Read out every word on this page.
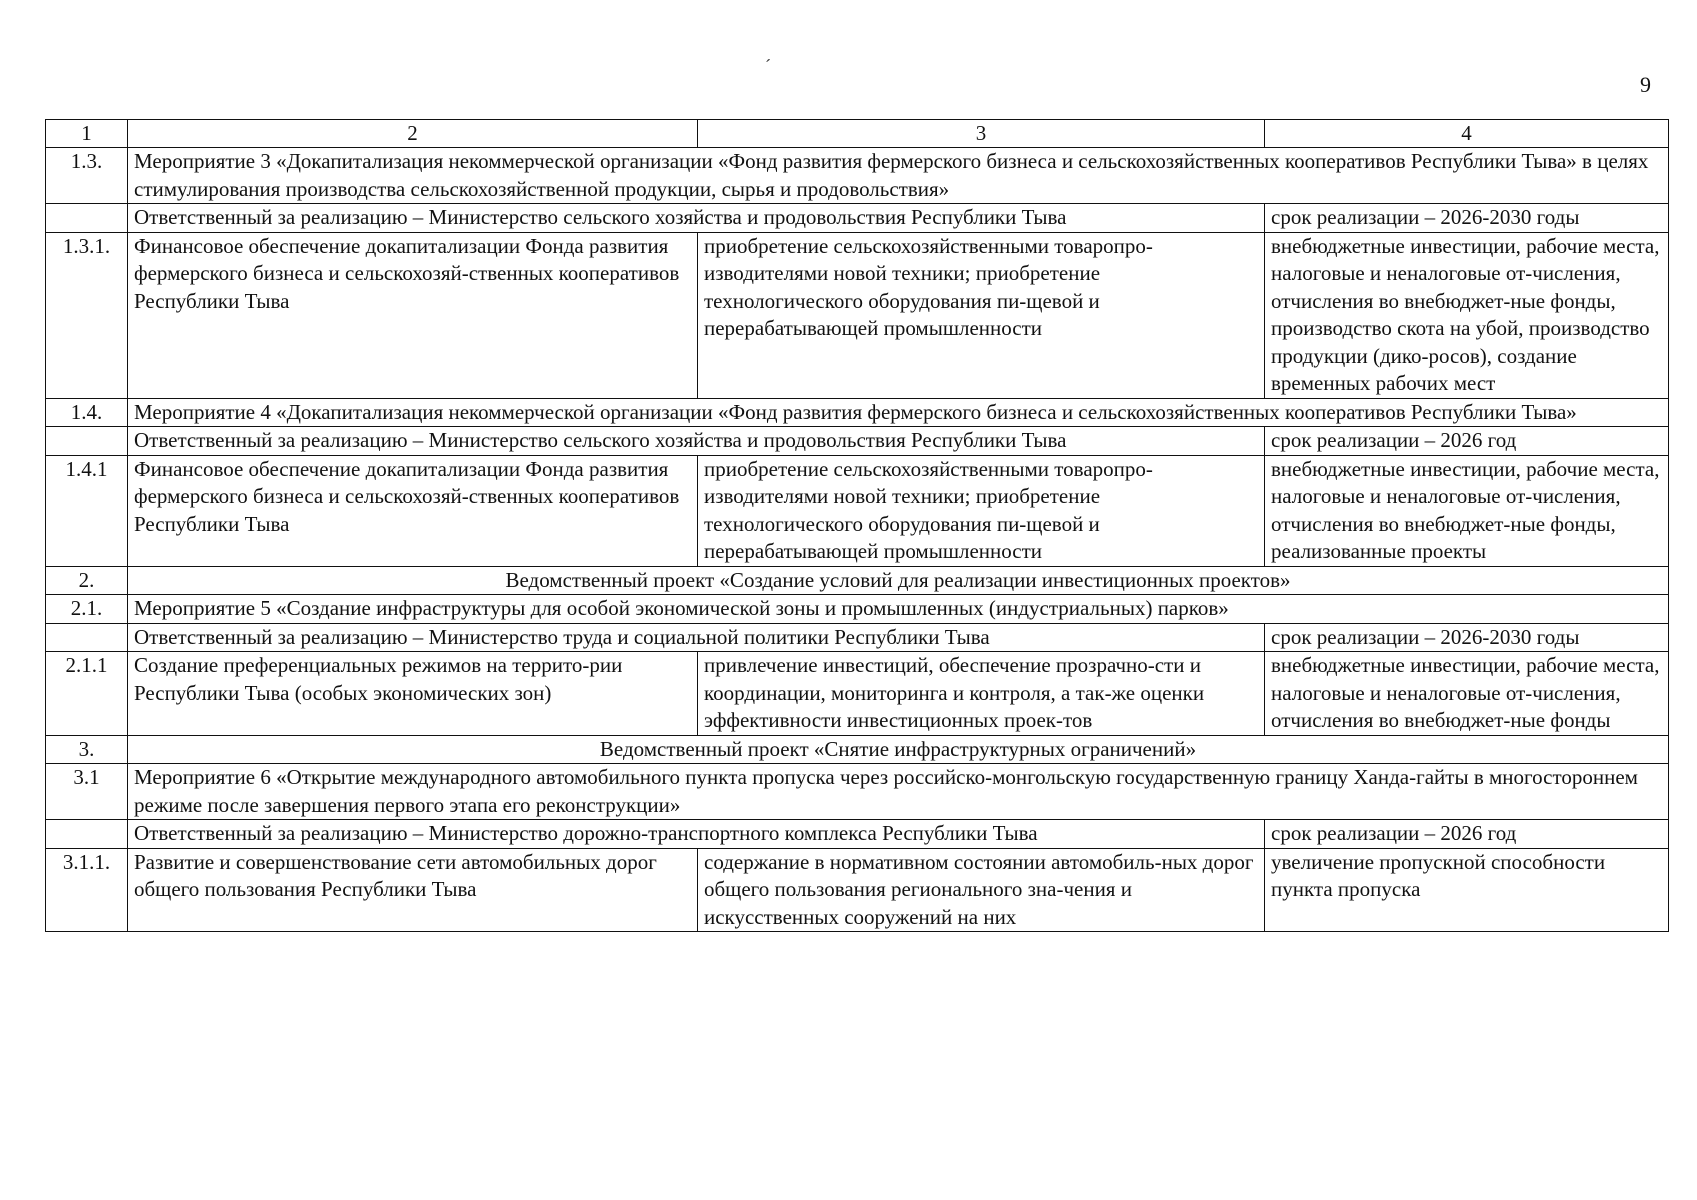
9
ˊ
1	2	3	4
1.3.	Мероприятие 3 «Докапитализация некоммерческой организации «Фонд развития фермерского бизнеса и сельскохозяйственных кооперативов Республики Тыва» в целях стимулирования производства сельскохозяйственной продукции, сырья и продовольствия»		
	Ответственный за реализацию – Министерство сельского хозяйства и продовольствия Республики Тыва		срок реализации – 2026-2030 годы
1.3.1.	Финансовое обеспечение докапитализации Фонда развития фермерского бизнеса и сельскохозяй-ственных кооперативов Республики Тыва	приобретение сельскохозяйственными товаропро-изводителями новой техники; приобретение технологического оборудования пи-щевой и перерабатывающей промышленности	внебюджетные инвестиции, рабочие места, налоговые и неналоговые от-числения, отчисления во внебюджет-ные фонды, производство скота на убой, производство продукции (дико-росов), создание временных рабочих мест
1.4.	Мероприятие 4 «Докапитализация некоммерческой организации «Фонд развития фермерского бизнеса и сельскохозяйственных кооперативов Республики Тыва»		
	Ответственный за реализацию – Министерство сельского хозяйства и продовольствия Республики Тыва		срок реализации – 2026 год
1.4.1	Финансовое обеспечение докапитализации Фонда развития фермерского бизнеса и сельскохозяй-ственных кооперативов Республики Тыва	приобретение сельскохозяйственными товаропро-изводителями новой техники; приобретение технологического оборудования пи-щевой и перерабатывающей промышленности	внебюджетные инвестиции, рабочие места, налоговые и неналоговые от-числения, отчисления во внебюджет-ные фонды, реализованные проекты
2.	Ведомственный проект «Создание условий для реализации инвестиционных проектов»		
2.1.	Мероприятие 5 «Создание инфраструктуры для особой экономической зоны и промышленных (индустриальных) парков»		
	Ответственный за реализацию – Министерство труда и социальной политики Республики Тыва		срок реализации – 2026-2030 годы
2.1.1	Создание преференциальных режимов на террито-рии Республики Тыва (особых экономических зон)	привлечение инвестиций, обеспечение прозрачно-сти и координации, мониторинга и контроля, а так-же оценки эффективности инвестиционных проек-тов	внебюджетные инвестиции, рабочие места, налоговые и неналоговые от-числения, отчисления во внебюджет-ные фонды
3.	Ведомственный проект «Снятие инфраструктурных ограничений»		
3.1	Мероприятие 6 «Открытие международного автомобильного пункта пропуска через российско-монгольскую государственную границу Ханда-гайты в многостороннем режиме после завершения первого этапа его реконструкции»		
	Ответственный за реализацию – Министерство дорожно-транспортного комплекса Республики Тыва		срок реализации – 2026 год
3.1.1.	Развитие и совершенствование сети автомобильных дорог общего пользования Республики Тыва	содержание в нормативном состоянии автомобиль-ных дорог общего пользования регионального зна-чения и искусственных сооружений на них	увеличение пропускной способности пункта пропуска
